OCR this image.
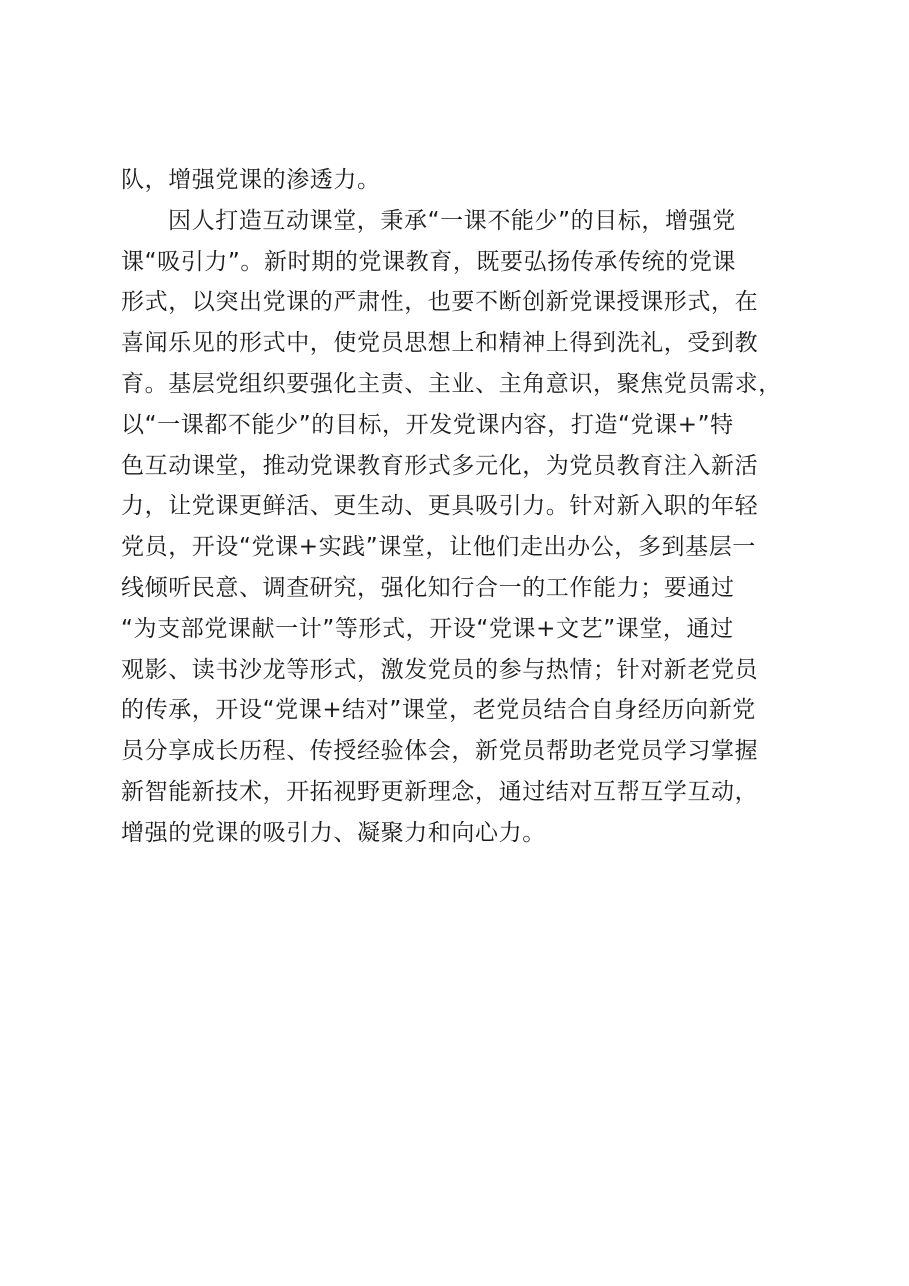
队，增强党课的渗透力。
因人打造互动课堂，秉承“一课不能少”的目标，增强党
课“吸引力”。新时期的党课教育，既要弘扬传承传统的党课
形式，以突出党课的严肃性，也要不断创新党课授课形式，在
喜闻乐见的形式中，使党员思想上和精神上得到洗礼，受到教
育。基层党组织要强化主责、主业、主角意识，聚焦党员需求，
以“一课都不能少”的目标，开发党课内容，打造“党课+”特
色互动课堂，推动党课教育形式多元化，为党员教育注入新活
力，让党课更鲜活、更生动、更具吸引力。针对新入职的年轻
党员，开设“党课+实践”课堂，让他们走出办公，多到基层一
线倾听民意、调查研究，强化知行合一的工作能力；要通过
“为支部党课献一计”等形式，开设“党课+文艺”课堂，通过
观影、读书沙龙等形式，激发党员的参与热情；针对新老党员
的传承，开设“党课+结对”课堂，老党员结合自身经历向新党
员分享成长历程、传授经验体会，新党员帮助老党员学习掌握
新智能新技术，开拓视野更新理念，通过结对互帮互学互动，
增强的党课的吸引力、凝聚力和向心力。
